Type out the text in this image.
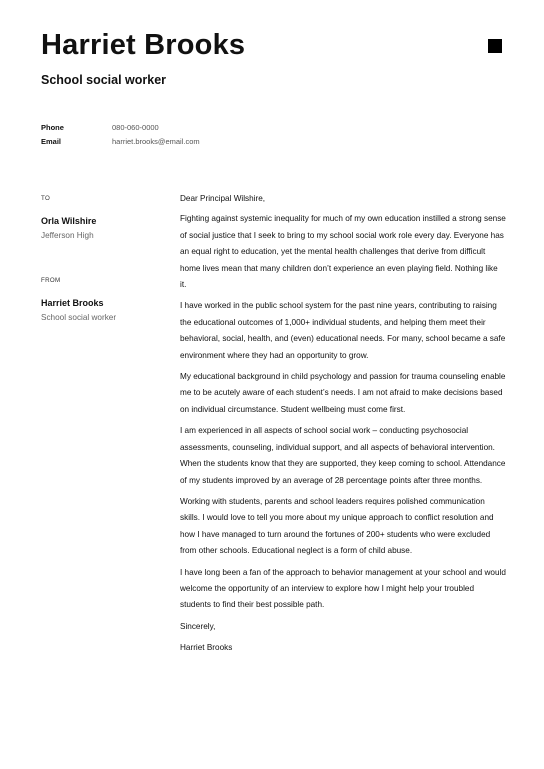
Harriet Brooks
School social worker
Phone	080-060-0000
Email	harriet.brooks@email.com
TO
Orla Wilshire
Jefferson High
FROM
Harriet Brooks
School social worker

Dear Principal Wilshire,

Fighting against systemic inequality for much of my own education instilled a strong sense of social justice that I seek to bring to my school social work role every day. Everyone has an equal right to education, yet the mental health challenges that derive from difficult home lives mean that many children don’t experience an even playing field. Nothing like it.

I have worked in the public school system for the past nine years, contributing to raising the educational outcomes of 1,000+ individual students, and helping them meet their behavioral, social, health, and (even) educational needs. For many, school became a safe environment where they had an opportunity to grow.

My educational background in child psychology and passion for trauma counseling enable me to be acutely aware of each student’s needs. I am not afraid to make decisions based on individual circumstance. Student wellbeing must come first.

I am experienced in all aspects of school social work – conducting psychosocial assessments, counseling, individual support, and all aspects of behavioral intervention. When the students know that they are supported, they keep coming to school. Attendance of my students improved by an average of 28 percentage points after three months.

Working with students, parents and school leaders requires polished communication skills. I would love to tell you more about my unique approach to conflict resolution and how I have managed to turn around the fortunes of 200+ students who were excluded from other schools. Educational neglect is a form of child abuse.

I have long been a fan of the approach to behavior management at your school and would welcome the opportunity of an interview to explore how I might help your troubled students to find their best possible path.

Sincerely,

Harriet Brooks
